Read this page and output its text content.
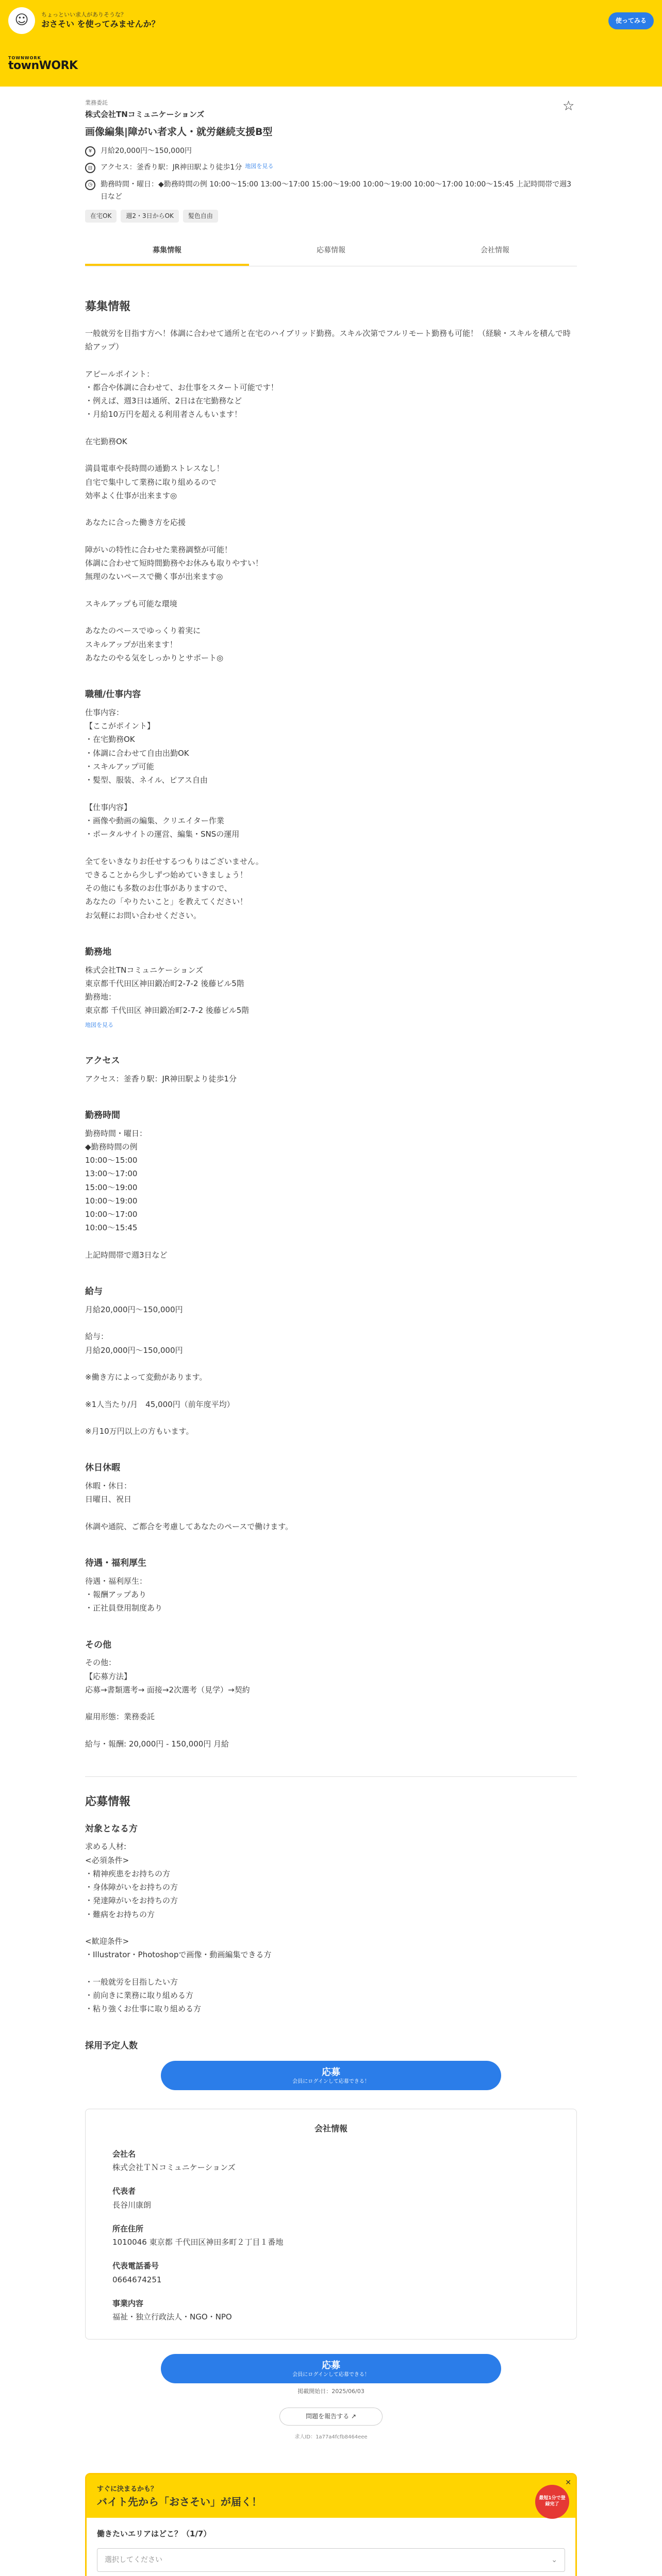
☺	ちょっといい求人がありそうな？
おさそい を使ってみませんか？	使ってみる
TOWNWORK
townWORK
業務委託
株式会社TNコミュニケーションズ
画像編集|障がい者求人・就労継続支援B型
☆
¥	月給20,000円〜150,000円
⊟	アクセス：釜香り駅：JR神田駅より徒歩1分 地図を見る
◷	勤務時間・曜日：◆勤務時間の例 10:00〜15:00 13:00〜17:00 15:00〜19:00 10:00〜19:00 10:00〜17:00 10:00〜15:45 上記時間帯で週3日など
在宅OK	週2・3日からOK	髪色自由
募集情報	応募情報	会社情報
募集情報
一般就労を目指す方へ！体調に合わせて通所と在宅のハイブリッド勤務。スキル次第でフルリモート勤務も可能！（経験・スキルを積んで時給アップ）

アピールポイント：
・都合や体調に合わせて、お仕事をスタート可能です！
・例えば、週3日は通所、2日は在宅勤務など
・月給10万円を超える利用者さんもいます！

在宅勤務OK

満員電車や長時間の通勤ストレスなし！
自宅で集中して業務に取り組めるので
効率よく仕事が出来ます◎

あなたに合った働き方を応援

障がいの特性に合わせた業務調整が可能！
体調に合わせて短時間勤務やお休みも取りやすい！
無理のないペースで働く事が出来ます◎

スキルアップも可能な環境

あなたのペースでゆっくり着実に
スキルアップが出来ます！
あなたのやる気をしっかりとサポート◎
職種/仕事内容
仕事内容：
【ここがポイント】
・在宅勤務OK
・体調に合わせて自由出勤OK
・スキルアップ可能
・髪型、服装、ネイル、ピアス自由

【仕事内容】
・画像や動画の編集、クリエイター作業
・ポータルサイトの運営、編集・SNSの運用

全てをいきなりお任せするつもりはございません。
できることから少しずつ始めていきましょう！
その他にも多数のお仕事がありますので、
あなたの「やりたいこと」を教えてください！
お気軽にお問い合わせください。
勤務地
株式会社TNコミュニケーションズ
東京都千代田区神田鍛冶町2-7-2 後藤ビル5階
勤務地：
東京都 千代田区 神田鍛冶町2-7-2 後藤ビル5階
地図を見る
アクセス
アクセス：釜香り駅：JR神田駅より徒歩1分
勤務時間
勤務時間・曜日：
◆勤務時間の例
10:00〜15:00
13:00〜17:00
15:00〜19:00
10:00〜19:00
10:00〜17:00
10:00〜15:45

上記時間帯で週3日など
給与
月給20,000円〜150,000円

給与：
月給20,000円〜150,000円

※働き方によって変動があります。

※1人当たり/月　45,000円（前年度平均）

※月10万円以上の方もいます。
休日休暇
休暇・休日：
日曜日、祝日

休調や通院、ご都合を考慮してあなたのペースで働けます。
待遇・福利厚生
待遇・福利厚生：
・報酬アップあり
・正社員登用制度あり
その他
その他：
【応募方法】
応募→書類選考→ 面接→2次選考（見学）→契約

雇用形態：業務委託

給与・報酬: 20,000円 - 150,000円 月給
応募情報
対象となる方
求める人材:
<必須条件>
・精神疾患をお持ちの方
・身体障がいをお持ちの方
・発達障がいをお持ちの方
・難病をお持ちの方

<歓迎条件>
・Illustrator・Photoshopで画像・動画編集できる方

・一般就労を目指したい方
・前向きに業務に取り組める方
・粘り強くお仕事に取り組める方
採用予定人数
応募
会員にログインして応募できる！
会社情報
会社名
株式会社ＴＮコミュニケーションズ
代表者
長谷川康朗
所在住所
1010046 東京都 千代田区神田多町２丁目１番地
代表電話番号
0664674251
事業内容
福祉・独立行政法人・NGO・NPO
応募
会員にログインして応募できる！
掲載開始日：2025/06/03
問題を報告する ↗
求人ID：1a77a4fcfb8464eee
すぐに決まるかも？
バイト先から「おさそい」が届く！
✕
最短1分で登録完了
働きたいエリアはどこ？（1/7）
選択してください	⌄
